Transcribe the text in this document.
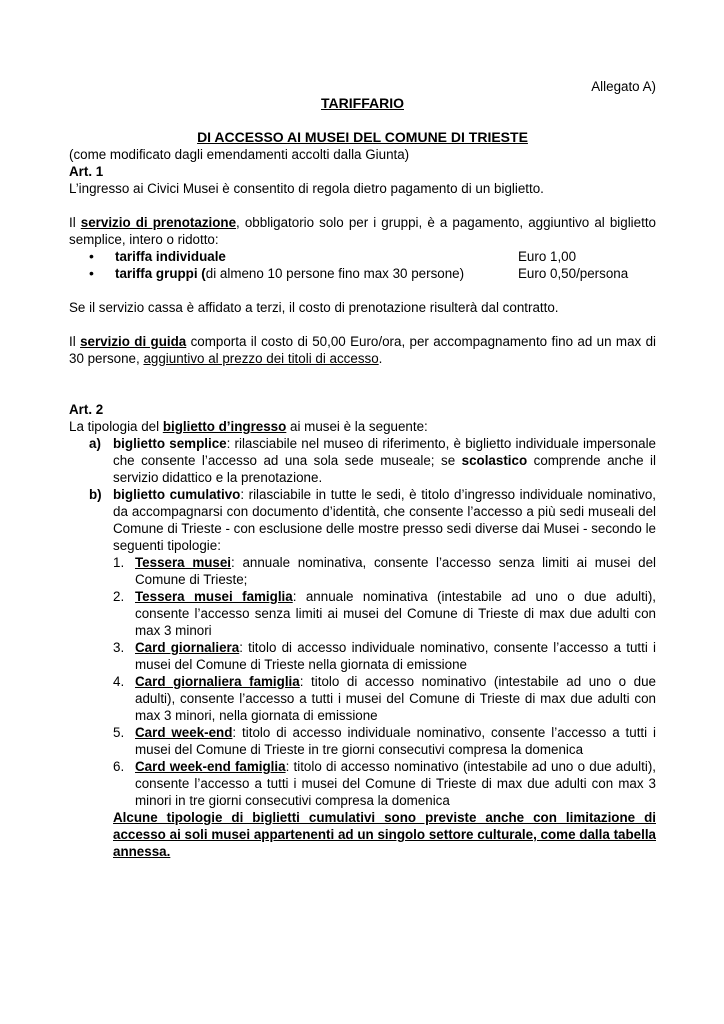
Allegato A)
TARIFFARIO
DI ACCESSO AI MUSEI DEL COMUNE DI TRIESTE
(come modificato dagli emendamenti accolti dalla Giunta)
Art. 1
L’ingresso ai Civici Musei è consentito di regola dietro pagamento di un biglietto.
Il servizio di prenotazione, obbligatorio solo per i gruppi, è a pagamento, aggiuntivo al biglietto semplice, intero o ridotto:
• tariffa individuale	Euro 1,00
• tariffa gruppi (di almeno 10 persone fino max 30 persone)	Euro 0,50/persona
Se il servizio cassa è affidato a terzi, il costo di prenotazione risulterà dal contratto.
Il servizio di guida comporta il costo di 50,00 Euro/ora, per accompagnamento fino ad un max di 30 persone, aggiuntivo al prezzo dei titoli di accesso.
Art. 2
La tipologia del biglietto d’ingresso ai musei è la seguente:
a) biglietto semplice: rilasciabile nel museo di riferimento, è biglietto individuale impersonale che consente l’accesso ad una sola sede museale; se scolastico comprende anche il servizio didattico e la prenotazione.
b) biglietto cumulativo: rilasciabile in tutte le sedi, è titolo d’ingresso individuale nominativo, da accompagnarsi con documento d’identità, che consente l’accesso a più sedi museali del Comune di Trieste - con esclusione delle mostre presso sedi diverse dai Musei - secondo le seguenti tipologie:
1. Tessera musei: annuale nominativa, consente l’accesso senza limiti ai musei del Comune di Trieste;
2. Tessera musei famiglia: annuale nominativa (intestabile ad uno o due adulti), consente l’accesso senza limiti ai musei del Comune di Trieste di max due adulti con max 3 minori
3. Card giornaliera: titolo di accesso individuale nominativo, consente l’accesso a tutti i musei del Comune di Trieste nella giornata di emissione
4. Card giornaliera famiglia: titolo di accesso nominativo (intestabile ad uno o due adulti), consente l’accesso a tutti i musei del Comune di Trieste di max due adulti con max 3 minori, nella giornata di emissione
5. Card week-end: titolo di accesso individuale nominativo, consente l’accesso a tutti i musei del Comune di Trieste in tre giorni consecutivi compresa la domenica
6. Card week-end famiglia: titolo di accesso nominativo (intestabile ad uno o due adulti), consente l’accesso a tutti i musei del Comune di Trieste di max due adulti con max 3 minori in tre giorni consecutivi compresa la domenica
Alcune tipologie di biglietti cumulativi sono previste anche con limitazione di accesso ai soli musei appartenenti ad un singolo settore culturale, come dalla tabella annessa.
